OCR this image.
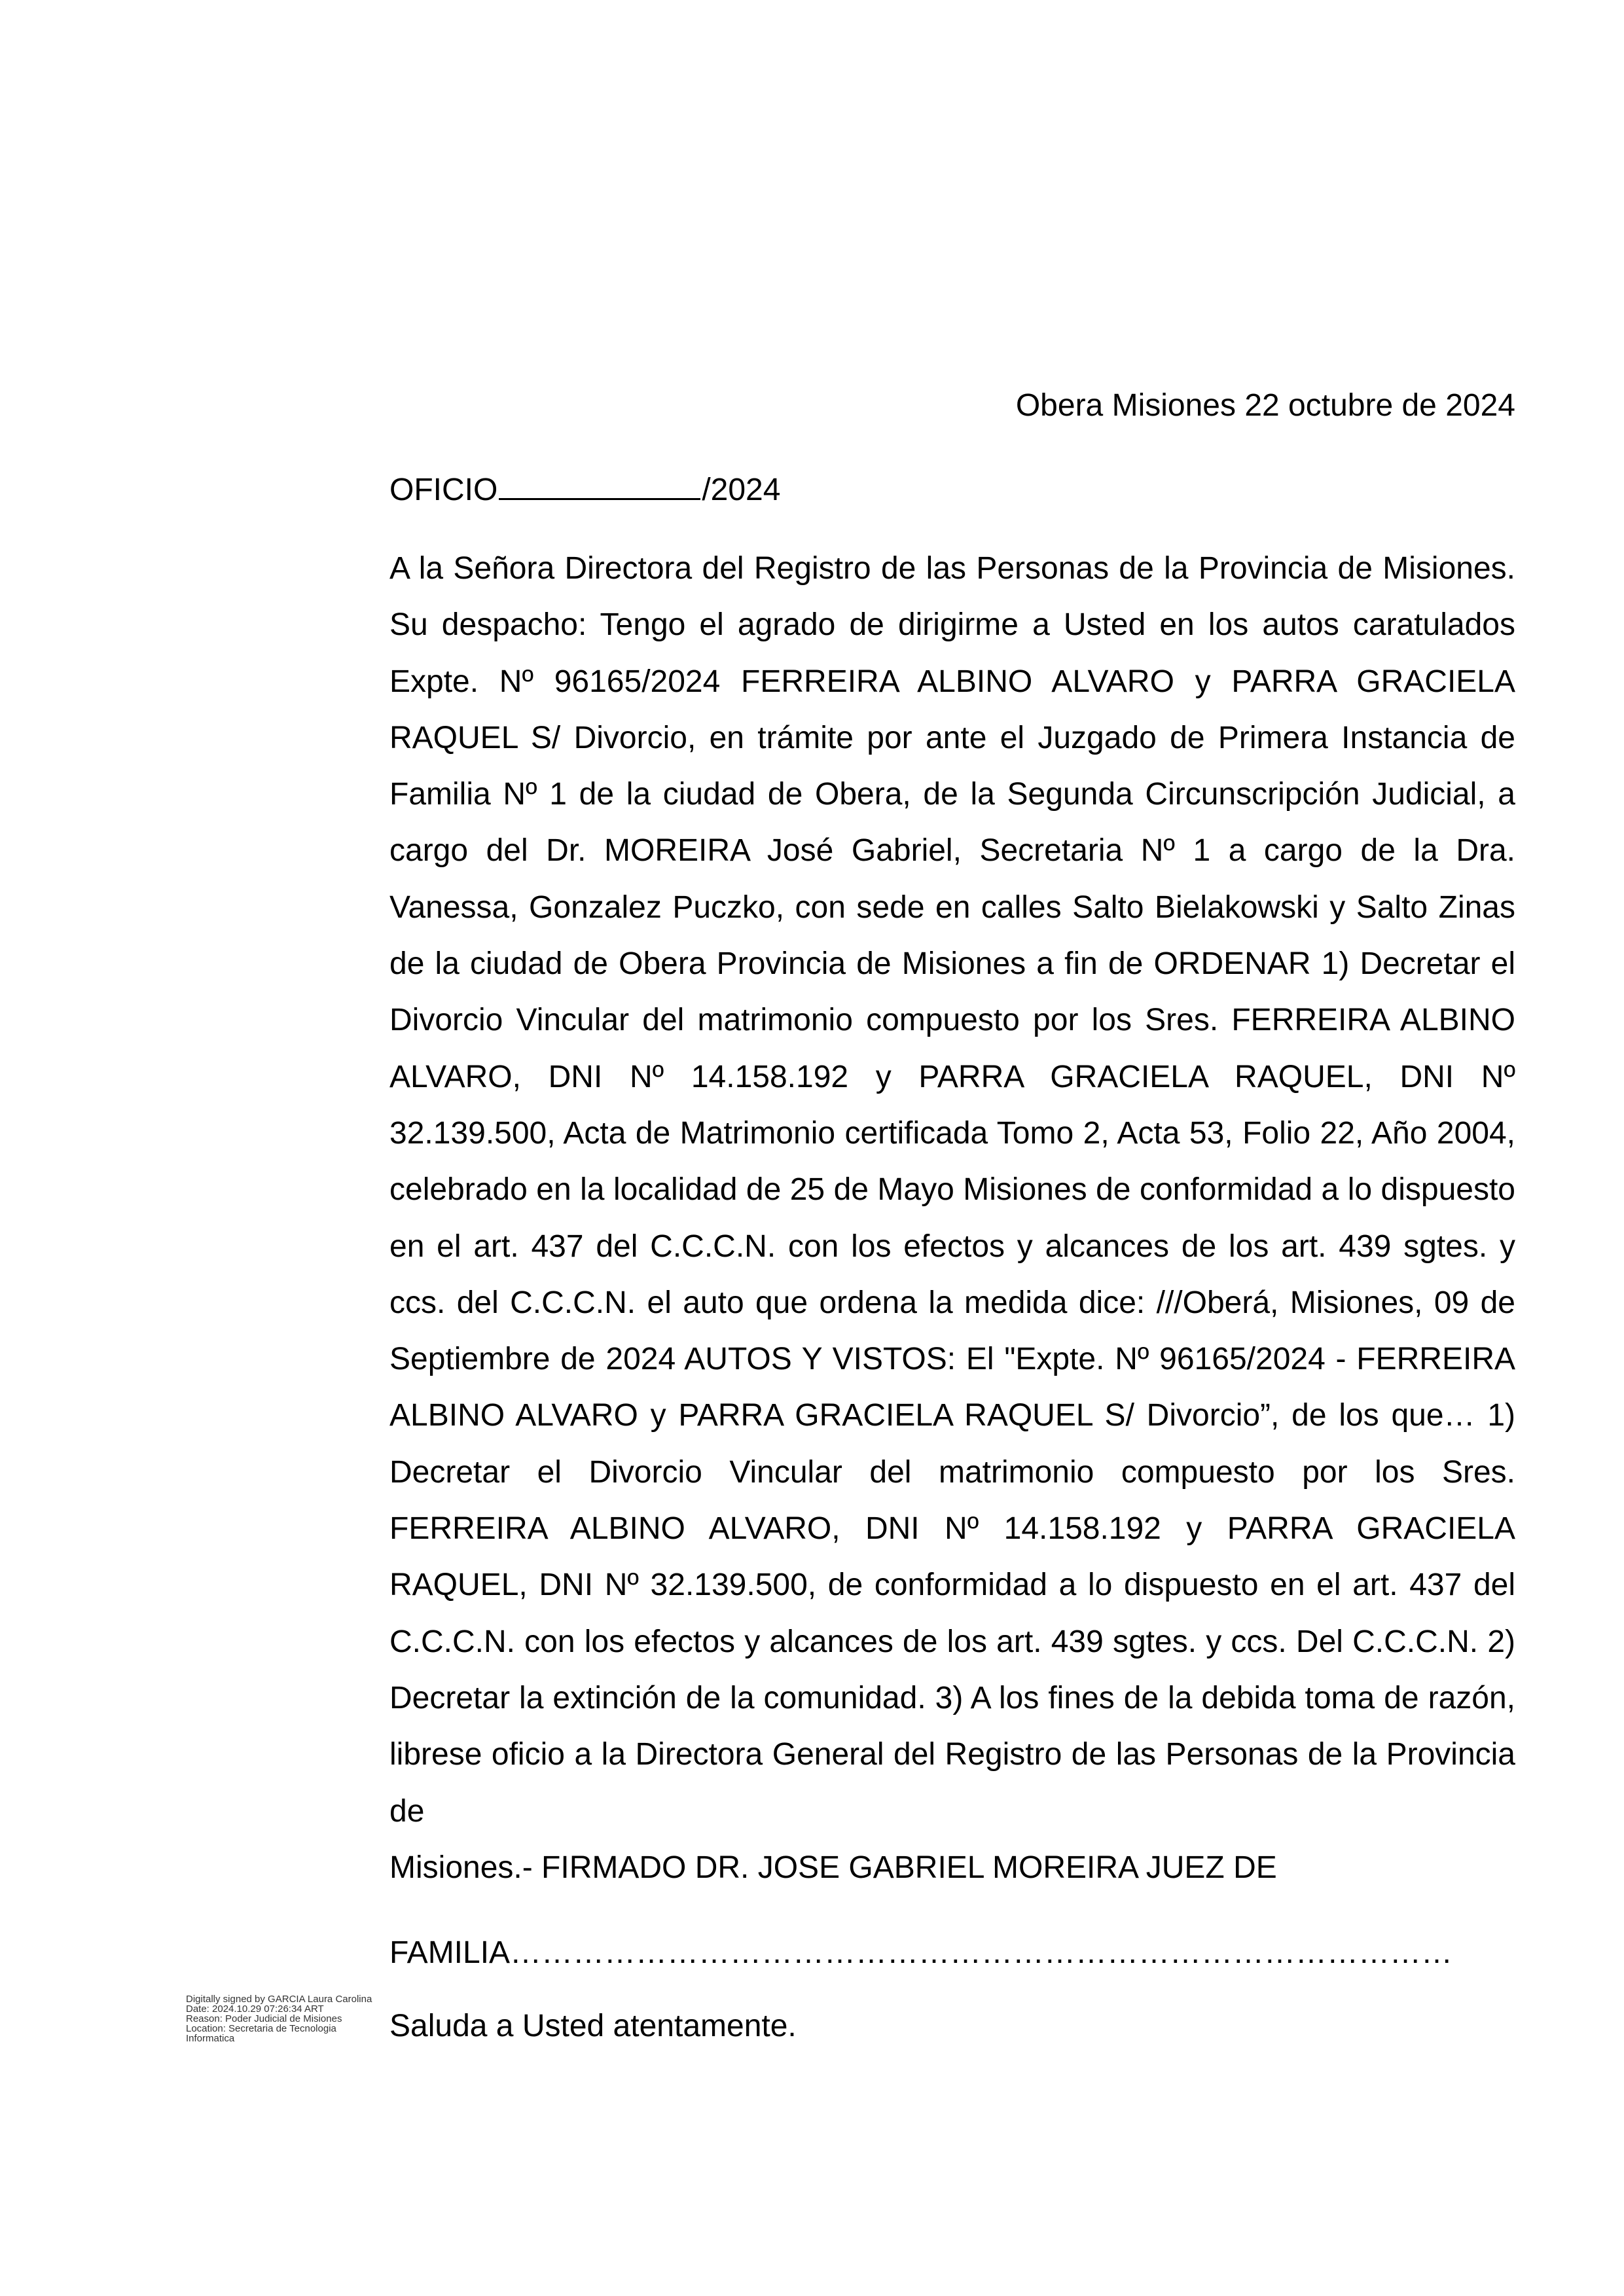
Obera Misiones 22 octubre de 2024
OFICIO	/2024

A la Señora Directora del Registro de las Personas de la Provincia de Misiones. Su despacho: Tengo el agrado de dirigirme a Usted en los autos caratulados Expte. Nº 96165/2024 FERREIRA ALBINO ALVARO y PARRA GRACIELA RAQUEL S/ Divorcio, en trámite por ante el Juzgado de Primera Instancia de Familia Nº 1 de la ciudad de Obera, de la Segunda Circunscripción Judicial, a cargo del Dr. MOREIRA José Gabriel, Secretaria Nº 1 a cargo de la Dra. Vanessa, Gonzalez Puczko, con sede en calles Salto Bielakowski y Salto Zinas de la ciudad de Obera Provincia de Misiones a fin de ORDENAR 1) Decretar el Divorcio Vincular del matrimonio compuesto por los Sres. FERREIRA ALBINO ALVARO, DNI Nº 14.158.192 y PARRA GRACIELA RAQUEL, DNI Nº 32.139.500, Acta de Matrimonio certificada Tomo 2, Acta 53, Folio 22, Año 2004, celebrado en la localidad de 25 de Mayo Misiones de conformidad a lo dispuesto en el art. 437 del C.C.C.N. con los efectos y alcances de los art. 439 sgtes. y ccs. del C.C.C.N. el auto que ordena la medida dice: ///Oberá, Misiones, 09 de Septiembre de 2024 AUTOS Y VISTOS: El "Expte. Nº 96165/2024 - FERREIRA ALBINO ALVARO y PARRA GRACIELA RAQUEL S/ Divorcio”, de los que… 1) Decretar el Divorcio Vincular del matrimonio compuesto por los Sres. FERREIRA ALBINO ALVARO, DNI Nº 14.158.192 y PARRA GRACIELA RAQUEL, DNI Nº 32.139.500, de conformidad a lo dispuesto en el art. 437 del C.C.C.N. con los efectos y alcances de los art. 439 sgtes. y ccs. Del C.C.C.N. 2) Decretar la extinción de la comunidad. 3) A los fines de la debida toma de razón, librese oficio a la Directora General del Registro de las Personas de la Provincia de
Misiones.- FIRMADO DR. JOSE GABRIEL MOREIRA JUEZ DE

FAMILIA………………………………………………………………………………
Digitally signed by GARCIA Laura Carolina
Date: 2024.10.29 07:26:34 ART
Reason: Poder Judicial de Misiones
Location: Secretaria de Tecnologia
Informatica	Saluda a Usted atentamente.
